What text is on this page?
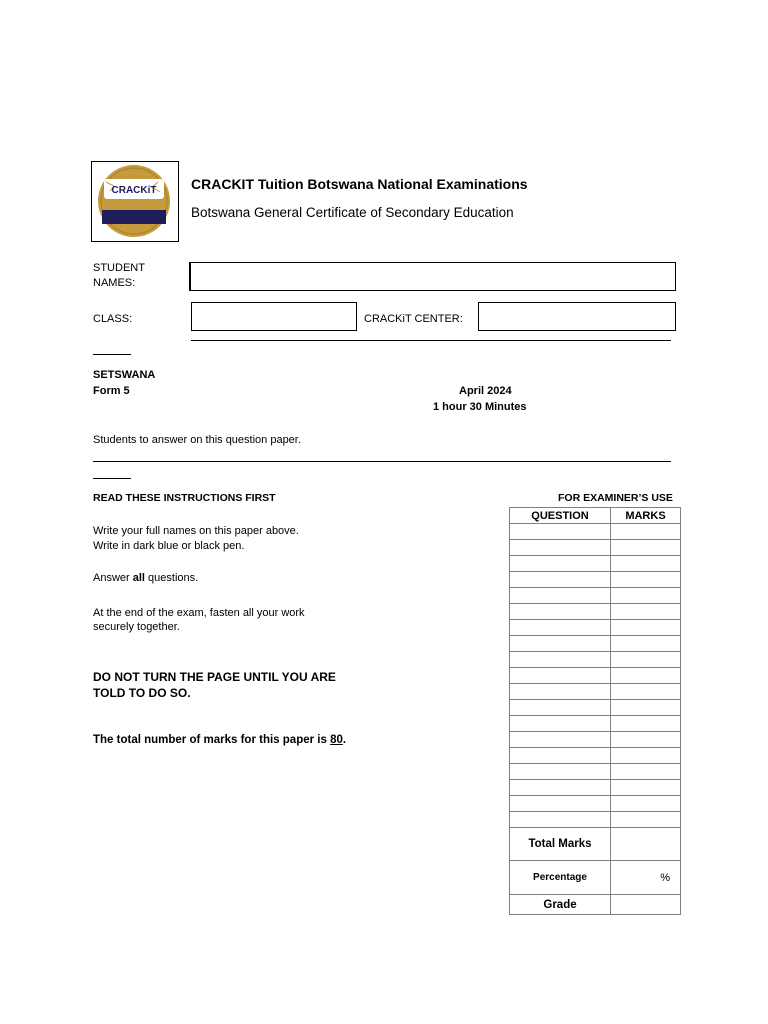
CRACKiT CRACKIT Tuition Botswana National Examinations
Botswana General Certificate of Secondary Education
STUDENT NAMES:
CLASS:	CRACKiT CENTER:
SETSWANA
Form 5	April 2024
1 hour 30 Minutes
Students to answer on this question paper.
READ THESE INSTRUCTIONS FIRST
Write your full names on this paper above.
Write in dark blue or black pen.
Answer all questions.
At the end of the exam, fasten all your work securely together.
DO NOT TURN THE PAGE UNTIL YOU ARE TOLD TO DO SO.
The total number of marks for this paper is 80.
FOR EXAMINER’S USE
QUESTION	MARKS

Total Marks	
Percentage	%
Grade	
